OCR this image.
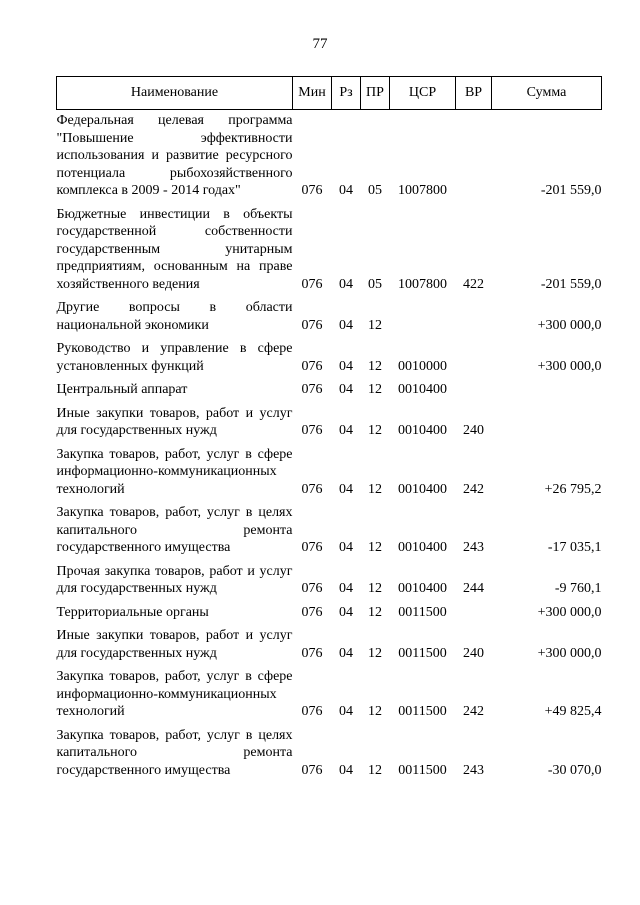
77
Наименование	Мин	Рз	ПР	ЦСР	ВР	Сумма
Федеральная целевая программа "Повышение эффективности использования и развитие ресурсного потенциала рыбохозяйственного комплекса в 2009 - 2014 годах"	076	04	05	1007800		-201 559,0
Бюджетные инвестиции в объекты государственной собственности государственным унитарным предприятиям, основанным на праве хозяйственного ведения	076	04	05	1007800	422	-201 559,0
Другие вопросы в области национальной экономики	076	04	12			+300 000,0
Руководство и управление в сфере установленных функций	076	04	12	0010000		+300 000,0
Центральный аппарат	076	04	12	0010400		
Иные закупки товаров, работ и услуг для государственных нужд	076	04	12	0010400	240	
Закупка товаров, работ, услуг в сфере информационно-коммуникационных технологий	076	04	12	0010400	242	+26 795,2
Закупка товаров, работ, услуг в целях капитального ремонта государственного имущества	076	04	12	0010400	243	-17 035,1
Прочая закупка товаров, работ и услуг для государственных нужд	076	04	12	0010400	244	-9 760,1
Территориальные органы	076	04	12	0011500		+300 000,0
Иные закупки товаров, работ и услуг для государственных нужд	076	04	12	0011500	240	+300 000,0
Закупка товаров, работ, услуг в сфере информационно-коммуникационных технологий	076	04	12	0011500	242	+49 825,4
Закупка товаров, работ, услуг в целях капитального ремонта государственного имущества	076	04	12	0011500	243	-30 070,0
